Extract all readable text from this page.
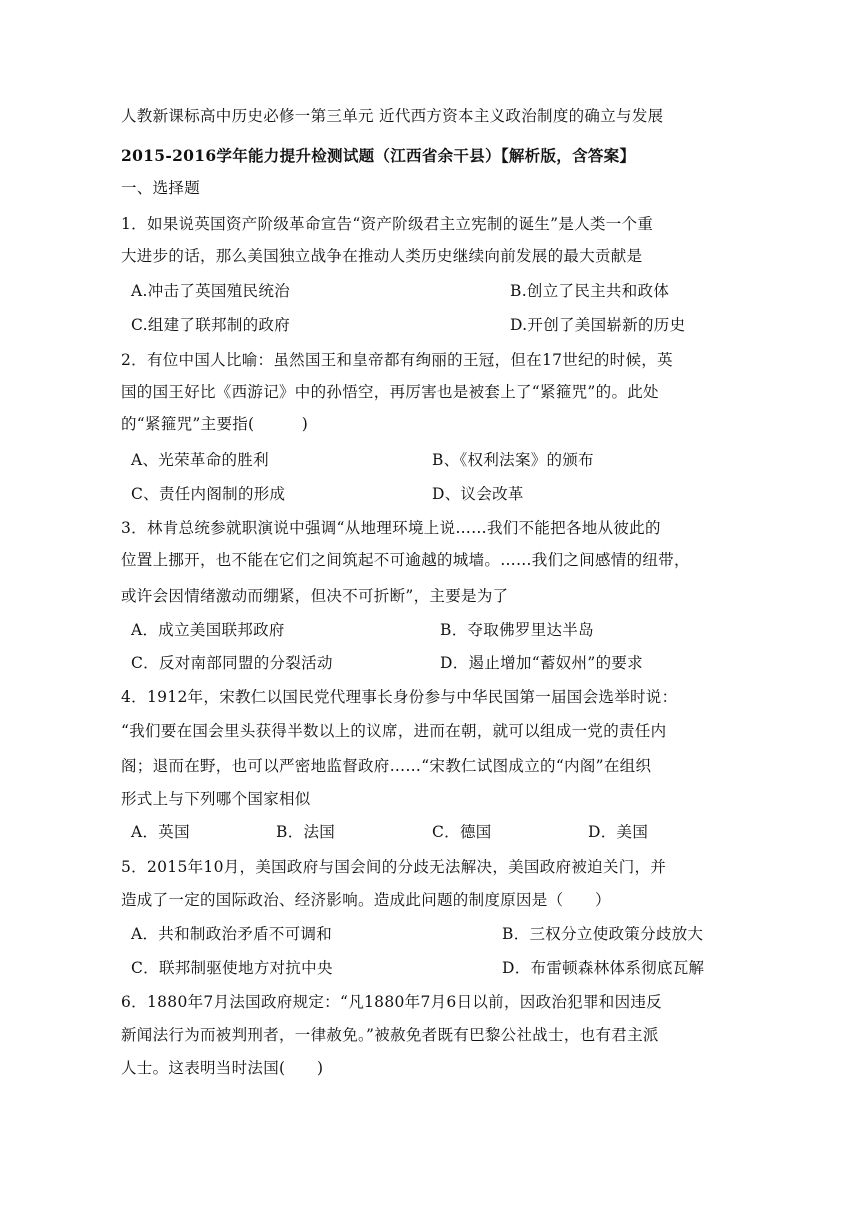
人教新课标高中历史必修一第三单元 近代西方资本主义政治制度的确立与发展
2015-2016学年能力提升检测试题（江西省余干县）【解析版，含答案】
一、选择题
1．如果说英国资产阶级革命宣告“资产阶级君主立宪制的诞生”是人类一个重
大进步的话，那么美国独立战争在推动人类历史继续向前发展的最大贡献是
A.冲击了英国殖民统治	B.创立了民主共和政体
C.组建了联邦制的政府	D.开创了美国崭新的历史
2．有位中国人比喻：虽然国王和皇帝都有绚丽的王冠，但在17世纪的时候，英
国的国王好比《西游记》中的孙悟空，再厉害也是被套上了“紧箍咒”的。此处
的“紧箍咒”主要指(　　　)
A、光荣革命的胜利	B、《权利法案》的颁布
C、责任内阁制的形成	D、议会改革
3．林肯总统参就职演说中强调“从地理环境上说……我们不能把各地从彼此的
位置上挪开，也不能在它们之间筑起不可逾越的城墙。……我们之间感情的纽带，
或许会因情绪激动而绷紧，但决不可折断”，主要是为了
A．成立美国联邦政府	B．夺取佛罗里达半岛
C．反对南部同盟的分裂活动	D．遏止增加“蓄奴州”的要求
4．1912年，宋教仁以国民党代理事长身份参与中华民国第一届国会选举时说：
“我们要在国会里头获得半数以上的议席，进而在朝，就可以组成一党的责任内
阁；退而在野，也可以严密地监督政府……“宋教仁试图成立的“内阁”在组织
形式上与下列哪个国家相似
A．英国	B．法国	C．德国	D．美国
5．2015年10月，美国政府与国会间的分歧无法解决，美国政府被迫关门，并
造成了一定的国际政治、经济影响。造成此问题的制度原因是（　　）
A．共和制政治矛盾不可调和	B．三权分立使政策分歧放大
C．联邦制驱使地方对抗中央	D．布雷顿森林体系彻底瓦解
6．1880年7月法国政府规定：“凡1880年7月6日以前，因政治犯罪和因违反
新闻法行为而被判刑者，一律赦免。”被赦免者既有巴黎公社战士，也有君主派
人士。这表明当时法国(　　)
